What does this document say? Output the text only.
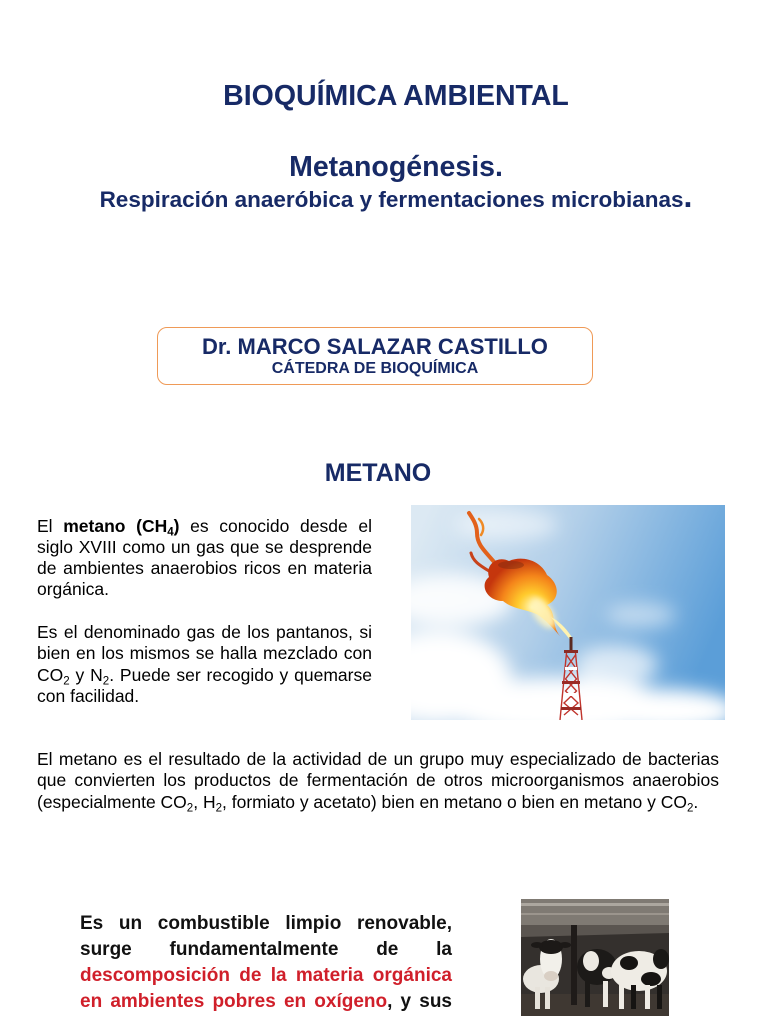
BIOQUÍMICA AMBIENTAL
Metanogénesis.
Respiración anaeróbica y fermentaciones microbianas.
Dr. MARCO SALAZAR CASTILLO
CÁTEDRA DE BIOQUÍMICA
METANO

El metano $(CH_4)$ es conocido desde el siglo XVIII como un gas que se desprende de ambientes anaerobios ricos en materia orgánica.

Es el denominado gas de los pantanos, si bien en los mismos se halla mezclado con $CO_2$ y $N_2$. Puede ser recogido y quemarse con facilidad.

El metano es el resultado de la actividad de un grupo muy especializado de bacterias que convierten los productos de fermentación de otros microorganismos anaerobios (especialmente $CO_2$, $H_2$, formiato y acetato) bien en metano o bien en metano y $CO_2$.

Es un combustible limpio renovable,
surge fundamentalmente de la
descomposición de la materia orgánica
en ambientes pobres en oxígeno, y sus
